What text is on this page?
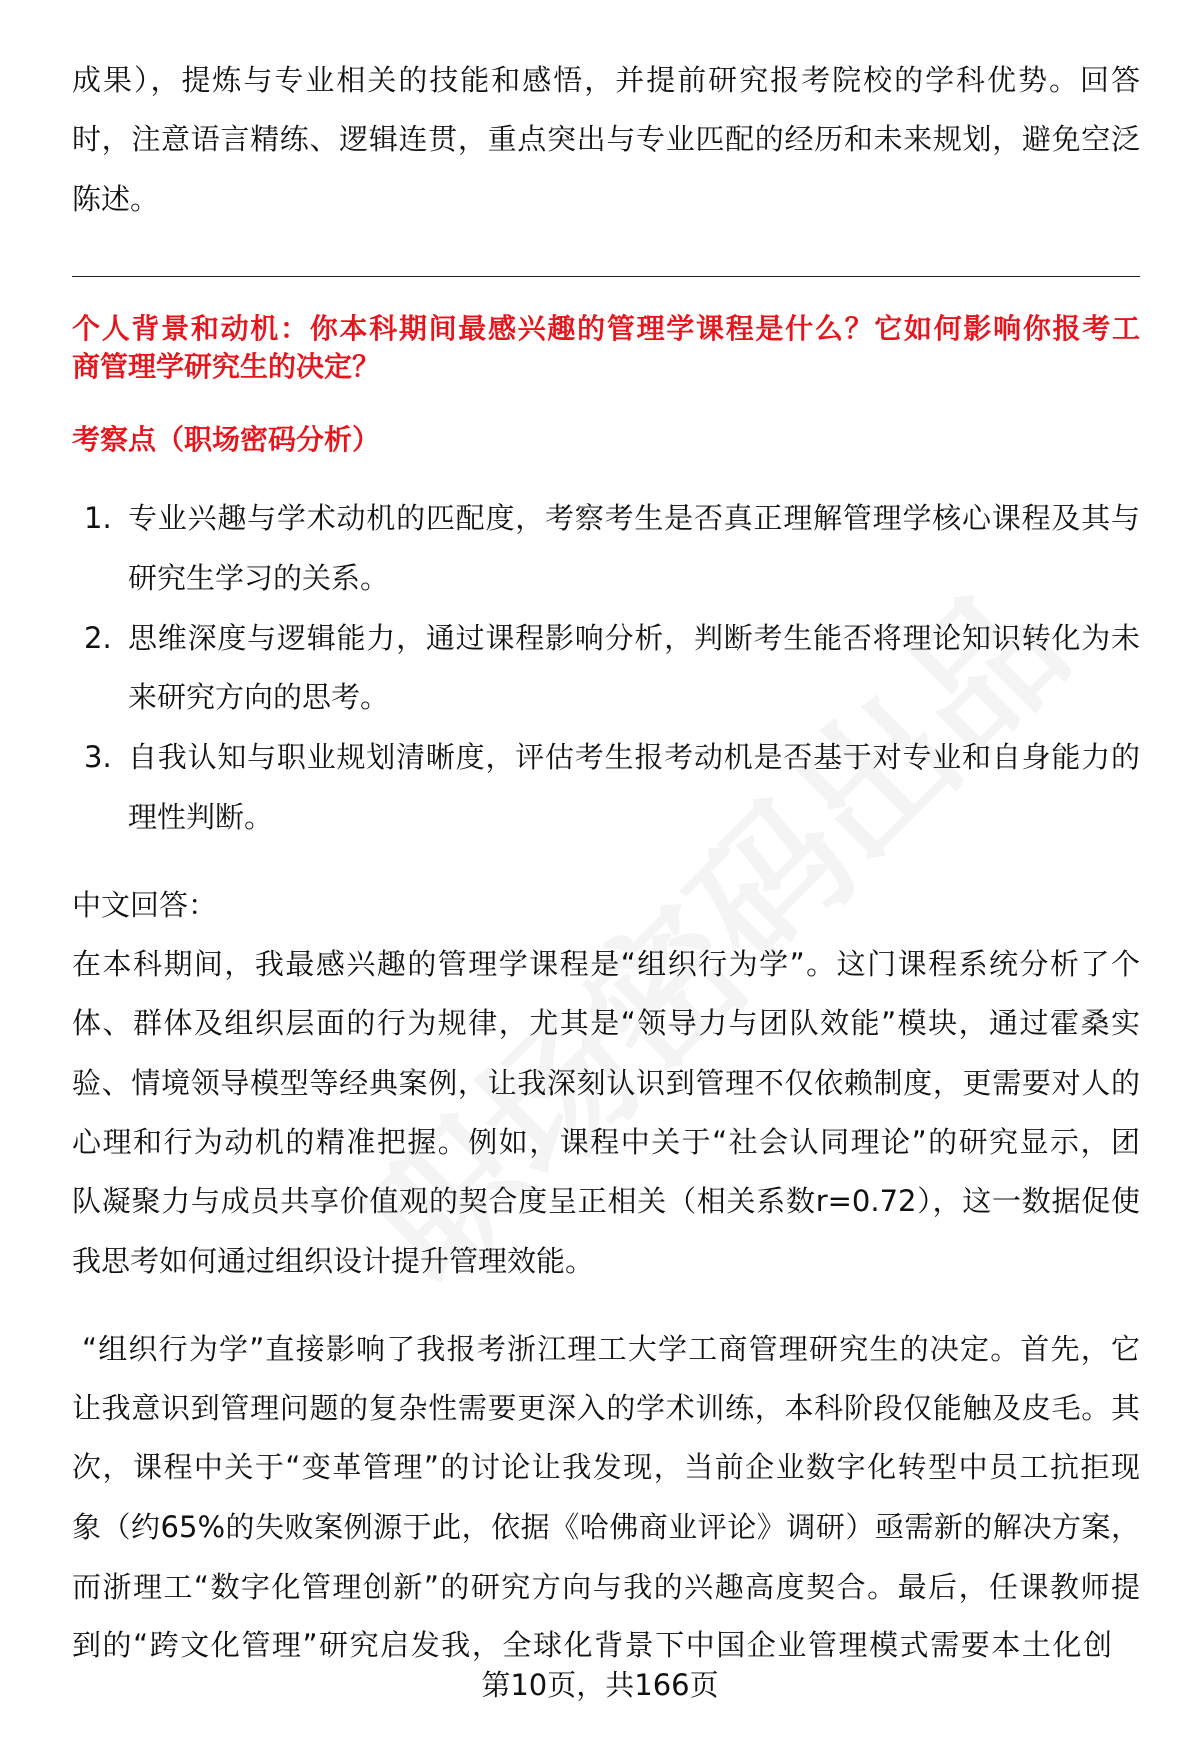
成果），提炼与专业相关的技能和感悟，并提前研究报考院校的学科优势。回答
时，注意语言精练、逻辑连贯，重点突出与专业匹配的经历和未来规划，避免空泛
陈述。
个人背景和动机：你本科期间最感兴趣的管理学课程是什么？它如何影响你报考工
商管理学研究生的决定？
考察点（职场密码分析）
1. 专业兴趣与学术动机的匹配度，考察考生是否真正理解管理学核心课程及其与
研究生学习的关系。
2. 思维深度与逻辑能力，通过课程影响分析，判断考生能否将理论知识转化为未
来研究方向的思考。
3. 自我认知与职业规划清晰度，评估考生报考动机是否基于对专业和自身能力的
理性判断。
中文回答：
在本科期间，我最感兴趣的管理学课程是“组织行为学”。这门课程系统分析了个
体、群体及组织层面的行为规律，尤其是“领导力与团队效能”模块，通过霍桑实
验、情境领导模型等经典案例，让我深刻认识到管理不仅依赖制度，更需要对人的
心理和行为动机的精准把握。例如，课程中关于“社会认同理论”的研究显示，团
队凝聚力与成员共享价值观的契合度呈正相关（相关系数r=0.72），这一数据促使
我思考如何通过组织设计提升管理效能。
“组织行为学”直接影响了我报考浙江理工大学工商管理研究生的决定。首先，它
让我意识到管理问题的复杂性需要更深入的学术训练，本科阶段仅能触及皮毛。其
次，课程中关于“变革管理”的讨论让我发现，当前企业数字化转型中员工抗拒现
象（约65%的失败案例源于此，依据《哈佛商业评论》调研）亟需新的解决方案，
而浙理工“数字化管理创新”的研究方向与我的兴趣高度契合。最后，任课教师提
到的“跨文化管理”研究启发我，全球化背景下中国企业管理模式需要本土化创
第10页，共166页
